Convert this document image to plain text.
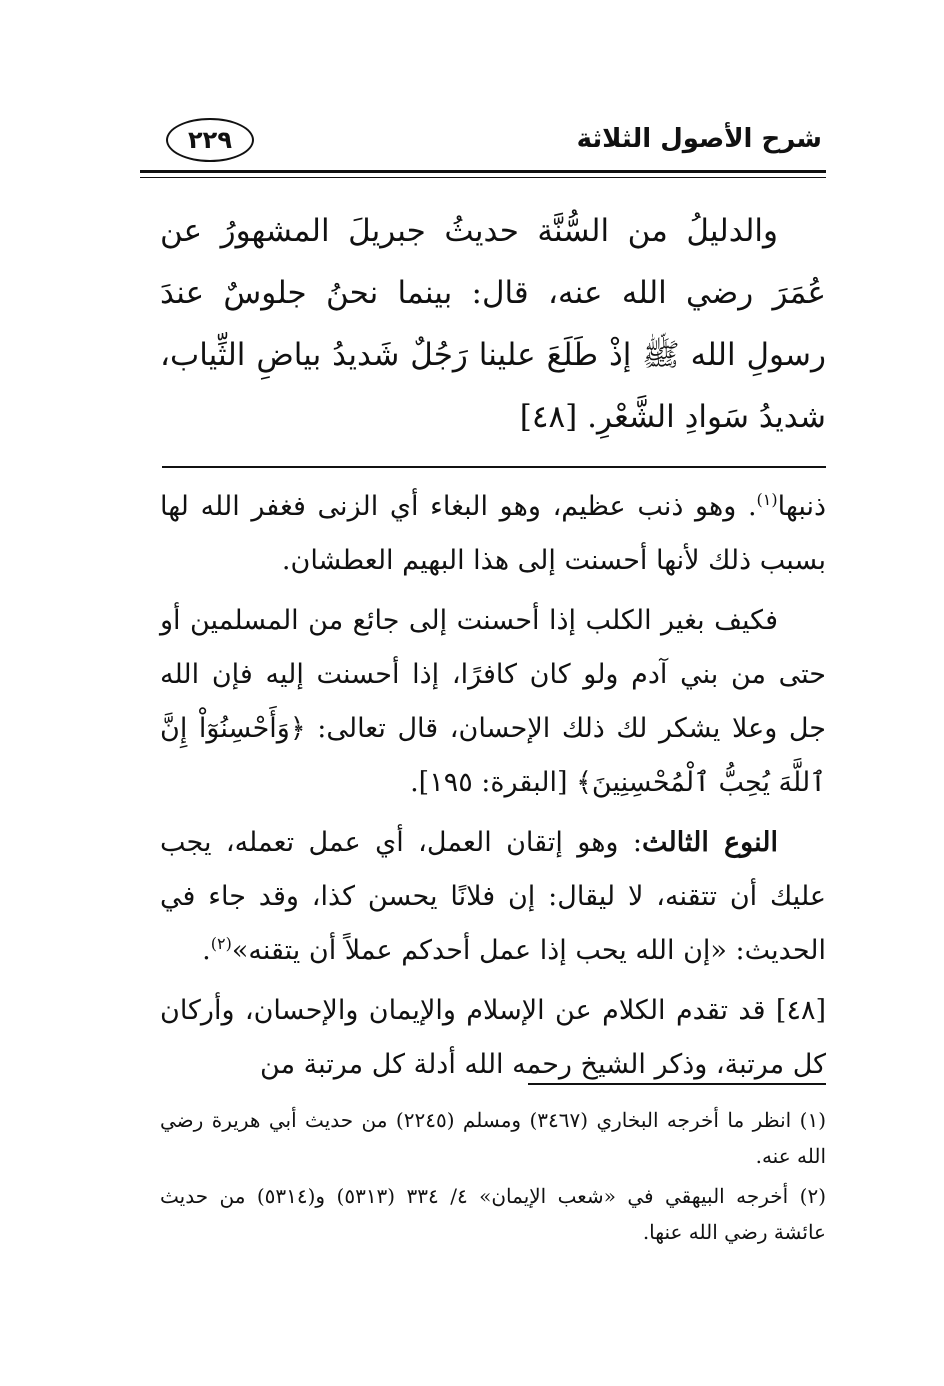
شرح الأصول الثلاثة
٢٢٩

والدليلُ من السُّنَّة حديثُ جبريلَ المشهورُ عن عُمَرَ رضي الله عنه، قال: بينما نحنُ جلوسٌ عندَ رسولِ الله ﷺ إذْ طَلَعَ علينا رَجُلٌ شَديدُ بياضِ الثِّياب، شديدُ سَوادِ الشَّعْرِ. [٤٨]

ذنبها$^{(١)}$. وهو ذنب عظيم، وهو البغاء أي الزنى فغفر الله لها بسبب ذلك لأنها أحسنت إلى هذا البهيم العطشان.

فكيف بغير الكلب إذا أحسنت إلى جائع من المسلمين أو حتى من بني آدم ولو كان كافرًا، إذا أحسنت إليه فإن الله جل وعلا يشكر لك ذلك الإحسان، قال تعالى: ﴿وَأَحْسِنُوٓاْ إِنَّ ٱللَّهَ يُحِبُّ ٱلْمُحْسِنِينَ﴾ [البقرة: ١٩٥].

النوع الثالث: وهو إتقان العمل، أي عمل تعمله، يجب عليك أن تتقنه، لا ليقال: إن فلانًا يحسن كذا، وقد جاء في الحديث: «إن الله يحب إذا عمل أحدكم عملاً أن يتقنه»$^{(٢)}$.

[٤٨] قد تقدم الكلام عن الإسلام والإيمان والإحسان، وأركان كل مرتبة، وذكر الشيخ رحمه الله أدلة كل مرتبة من

(١) انظر ما أخرجه البخاري (٣٤٦٧) ومسلم (٢٢٤٥) من حديث أبي هريرة رضي الله عنه.

(٢) أخرجه البيهقي في «شعب الإيمان» ٤/ ٣٣٤ (٥٣١٣) و(٥٣١٤) من حديث عائشة رضي الله عنها.
